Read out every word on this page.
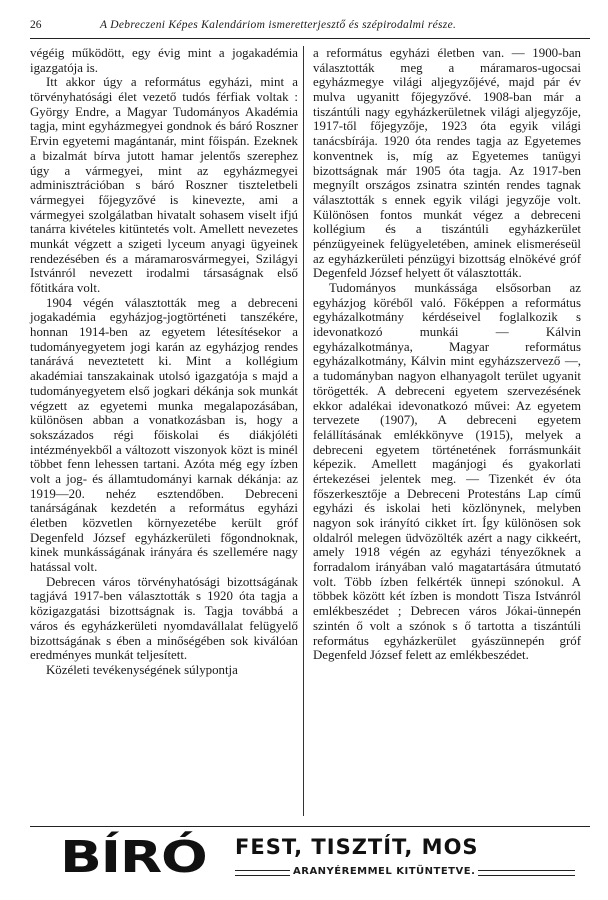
26	A Debreczeni Képes Kalendáriom ismeretterjesztő és szépirodalmi része.

végéig működött, egy évig mint a jogakadémia igazgatója is.

Itt akkor úgy a református egyházi, mint a törvényhatósági élet vezető tudós férfiak voltak : György Endre, a Magyar Tudományos Akadémia tagja, mint egyházmegyei gondnok és báró Roszner Ervin egyetemi magántanár, mint főispán. Ezeknek a bizalmát bírva jutott hamar jelentős szerephez úgy a vármegyei, mint az egyházmegyei adminisztrációban s báró Roszner tiszteletbeli vármegyei főjegyzővé is kinevezte, ami a vármegyei szolgálatban hivatalt sohasem viselt ifjú tanárra kivételes kitüntetés volt. Amellett nevezetes munkát végzett a szigeti lyceum anyagi ügyeinek rendezésében és a máramarosvármegyei, Szilágyi Istvánról nevezett irodalmi társaságnak első főtitkára volt.

1904 végén választották meg a debreceni jogakadémia egyházjog-jogtörténeti tanszékére, honnan 1914-ben az egyetem létesítésekor a tudományegyetem jogi karán az egyházjog rendes tanárává neveztetett ki. Mint a kollégium akadémiai tanszakainak utolsó igazgatója s majd a tudományegyetem első jogkari dékánja sok munkát végzett az egyetemi munka megalapozásában, különösen abban a vonatkozásban is, hogy a sokszázados régi főiskolai és diákjóléti intézményekből a változott viszonyok közt is minél többet fenn lehessen tartani. Azóta még egy ízben volt a jog- és államtudományi karnak dékánja: az 1919—20. nehéz esztendőben. Debreceni tanárságának kezdetén a református egyházi életben közvetlen környezetébe került gróf Degenfeld József egyházkerületi főgondnoknak, kinek munkásságának irányára és szellemére nagy hatással volt.

Debrecen város törvényhatósági bizottságának tagjává 1917-ben választották s 1920 óta tagja a közigazgatási bizottságnak is. Tagja továbbá a város és egyházkerületi nyomdavállalat felügyelő bizottságának s ében a minőségében sok kiválóan eredményes munkát teljesített.

Közéleti tevékenységének súlypontja

a református egyházi életben van. — 1900-ban választották meg a máramaros-ugocsai egyházmegye világi aljegyzőjévé, majd pár év mulva ugyanitt főjegyzővé. 1908-ban már a tiszántúli nagy egyházkerületnek világi aljegyzője, 1917-től főjegyzője, 1923 óta egyik világi tanácsbírája. 1920 óta rendes tagja az Egyetemes konventnek is, míg az Egyetemes tanügyi bizottságnak már 1905 óta tagja. Az 1917-ben megnyílt országos zsinatra szintén rendes tagnak választották s ennek egyik világi jegyzője volt. Különösen fontos munkát végez a debreceni kollégium és a tiszántúli egyházkerület pénzügyeinek felügyeletében, aminek elismeréseül az egyházkerületi pénzügyi bizottság elnökévé gróf Degenfeld József helyett őt választották.

Tudományos munkássága elsősorban az egyházjog köréből való. Főképpen a református egyházalkotmány kérdéseivel foglalkozik s idevonatkozó munkái — Kálvin egyházalkotmánya, Magyar református egyházalkotmány, Kálvin mint egyházszervező —, a tudományban nagyon elhanyagolt terület ugyanit törögették. A debreceni egyetem szervezésének ekkor adalékai idevonatkozó művei: Az egyetem tervezete (1907), A debreceni egyetem felállításának emlékkönyve (1915), melyek a debreceni egyetem történetének forrásmunkáit képezik. Amellett magánjogi és gyakorlati értekezései jelentek meg. — Tizenkét év óta főszerkesztője a Debreceni Protestáns Lap című egyházi és iskolai heti közlönynek, melyben nagyon sok irányító cikket írt. Így különösen sok oldalról melegen üdvözölték azért a nagy cikkeért, amely 1918 végén az egyházi tényezőknek a forradalom irányában való magatartására útmutató volt. Több ízben felkérték ünnepi szónokul. A többek között két ízben is mondott Tisza Istvánról emlékbeszédet ; Debrecen város Jókai-ünnepén szintén ő volt a szónok s ő tartotta a tiszántúli református egyházkerület gyászünnepén gróf Degenfeld József felett az emlékbeszédet.

BÍRÓ FEST, TISZTÍT, MOS
ARANYÉREMMEL KITÜNTETVE.
